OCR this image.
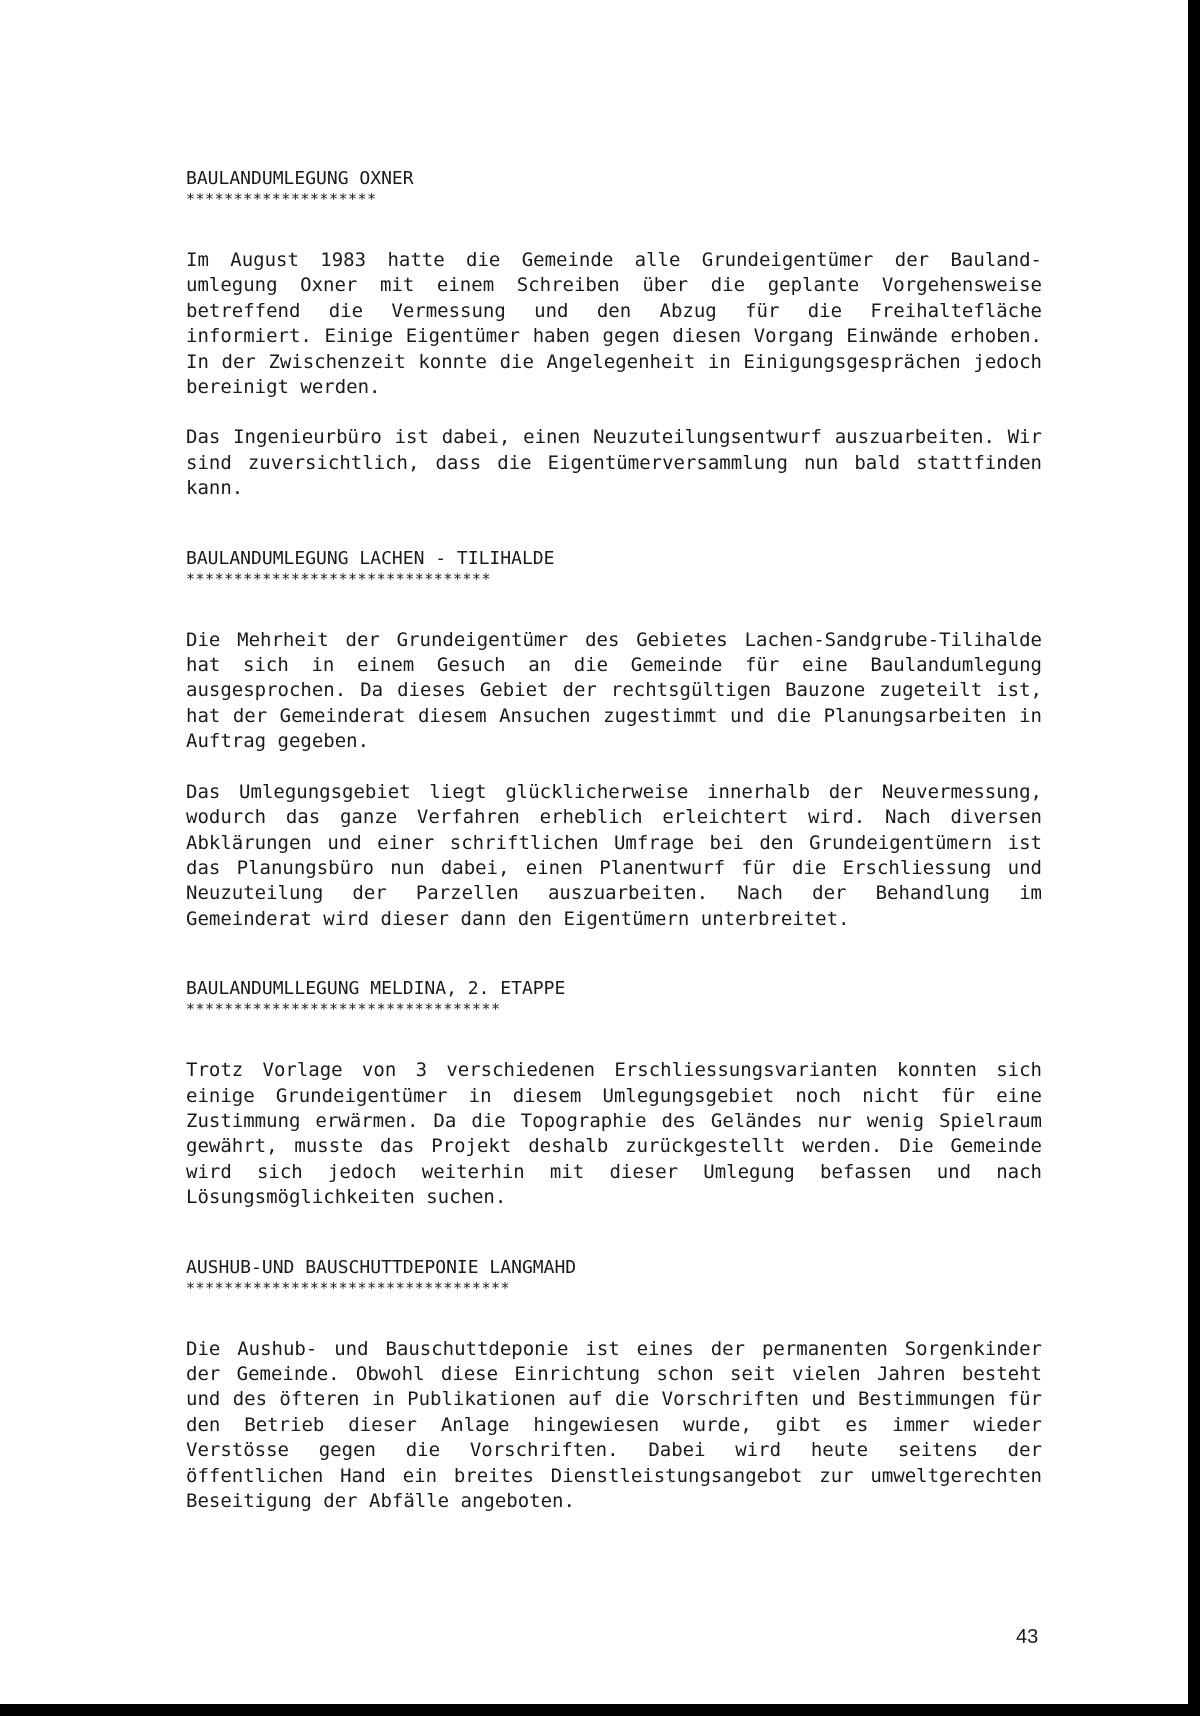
BAULANDUMLEGUNG OXNER
********************

Im August 1983 hatte die Gemeinde alle Grundeigentümer der Bauland-umlegung Oxner mit einem Schreiben über die geplante Vorgehensweise betreffend die Vermessung und den Abzug für die Freihaltefläche informiert. Einige Eigentümer haben gegen diesen Vorgang Einwände erhoben. In der Zwischenzeit konnte die Angelegenheit in Einigungsgesprächen jedoch bereinigt werden.

Das Ingenieurbüro ist dabei, einen Neuzuteilungsentwurf auszuarbeiten. Wir sind zuversichtlich, dass die Eigentümerversammlung nun bald stattfinden kann.

BAULANDUMLEGUNG LACHEN - TILIHALDE
********************************

Die Mehrheit der Grundeigentümer des Gebietes Lachen-Sandgrube-Tilihalde hat sich in einem Gesuch an die Gemeinde für eine Baulandumlegung ausgesprochen. Da dieses Gebiet der rechtsgültigen Bauzone zugeteilt ist, hat der Gemeinderat diesem Ansuchen zugestimmt und die Planungsarbeiten in Auftrag gegeben.

Das Umlegungsgebiet liegt glücklicherweise innerhalb der Neuvermessung, wodurch das ganze Verfahren erheblich erleichtert wird. Nach diversen Abklärungen und einer schriftlichen Umfrage bei den Grundeigentümern ist das Planungsbüro nun dabei, einen Planentwurf für die Erschliessung und Neuzuteilung der Parzellen auszuarbeiten. Nach der Behandlung im Gemeinderat wird dieser dann den Eigentümern unterbreitet.

BAULANDUMLLEGUNG MELDINA, 2. ETAPPE
*********************************

Trotz Vorlage von 3 verschiedenen Erschliessungsvarianten konnten sich einige Grundeigentümer in diesem Umlegungsgebiet noch nicht für eine Zustimmung erwärmen. Da die Topographie des Geländes nur wenig Spielraum gewährt, musste das Projekt deshalb zurückgestellt werden. Die Gemeinde wird sich jedoch weiterhin mit dieser Umlegung befassen und nach Lösungsmöglichkeiten suchen.

AUSHUB-UND BAUSCHUTTDEPONIE LANGMAHD
**********************************

Die Aushub- und Bauschuttdeponie ist eines der permanenten Sorgenkinder der Gemeinde. Obwohl diese Einrichtung schon seit vielen Jahren besteht und des öfteren in Publikationen auf die Vorschriften und Bestimmungen für den Betrieb dieser Anlage hingewiesen wurde, gibt es immer wieder Verstösse gegen die Vorschriften. Dabei wird heute seitens der öffentlichen Hand ein breites Dienstleistungsangebot zur umweltgerechten Beseitigung der Abfälle angeboten.

43
